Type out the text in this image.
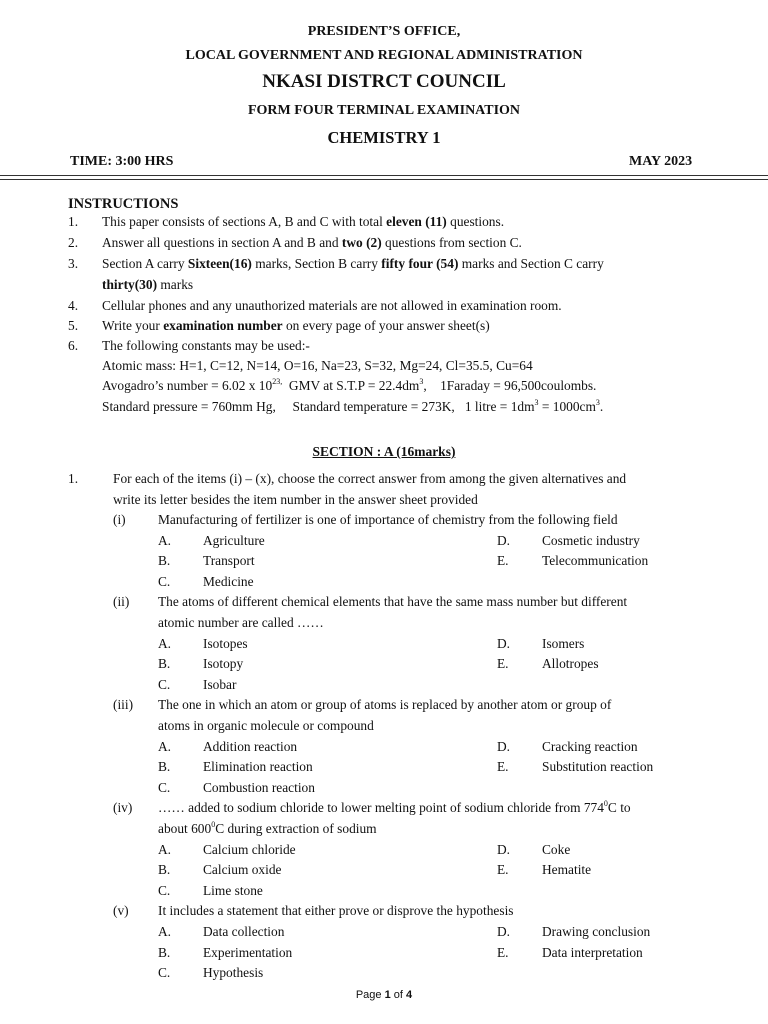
PRESIDENT’S OFFICE,
LOCAL GOVERNMENT AND REGIONAL ADMINISTRATION
NKASI DISTRCT COUNCIL
FORM FOUR TERMINAL EXAMINATION
CHEMISTRY 1
TIME: 3:00 HRS	MAY 2023
INSTRUCTIONS
1. This paper consists of sections A, B and C with total eleven (11) questions.
2. Answer all questions in section A and B and two (2) questions from section C.
3. Section A carry Sixteen(16) marks, Section B carry fifty four (54) marks and Section C carry
thirty(30) marks
4. Cellular phones and any unauthorized materials are not allowed in examination room.
5. Write your examination number on every page of your answer sheet(s)
6. The following constants may be used:-
Atomic mass: H=1, C=12, N=14, O=16, Na=23, S=32, Mg=24, Cl=35.5, Cu=64
Avogadro’s number = 6.02 x $10^{23,}$ GMV at $S.T.P = 22.4dm^3$,    1Faraday = 96,500coulombs.
Standard pressure = 760mm Hg, Standard temperature = 273K, 1 litre = $1dm^3 = 1000cm^3$.
SECTION : A (16marks)
1.	For each of the items (i) – (x), choose the correct answer from among the given alternatives and
write its letter besides the item number in the answer sheet provided
(i) Manufacturing of fertilizer is one of importance of chemistry from the following field
A. Agriculture
B. Transport
C. Medicine
D. Cosmetic industry
E. Telecommunication
(ii) The atoms of different chemical elements that have the same mass number but different
atomic number are called ……
A. Isotopes
B. Isotopy
C. Isobar
D. Isomers
E. Allotropes
(iii) The one in which an atom or group of atoms is replaced by another atom or group of
atoms in organic molecule or compound
A. Addition reaction
B. Elimination reaction
C. Combustion reaction
D. Cracking reaction
E. Substitution reaction
(iv) …… added to sodium chloride to lower melting point of sodium chloride from $774^0C$ to
about $600^0C$ during extraction of sodium
A. Calcium chloride
B. Calcium oxide
C. Lime stone
D. Coke
E. Hematite
(v) It includes a statement that either prove or disprove the hypothesis
A. Data collection
B. Experimentation
C. Hypothesis
D. Drawing conclusion
E. Data interpretation
Page 1 of 4
